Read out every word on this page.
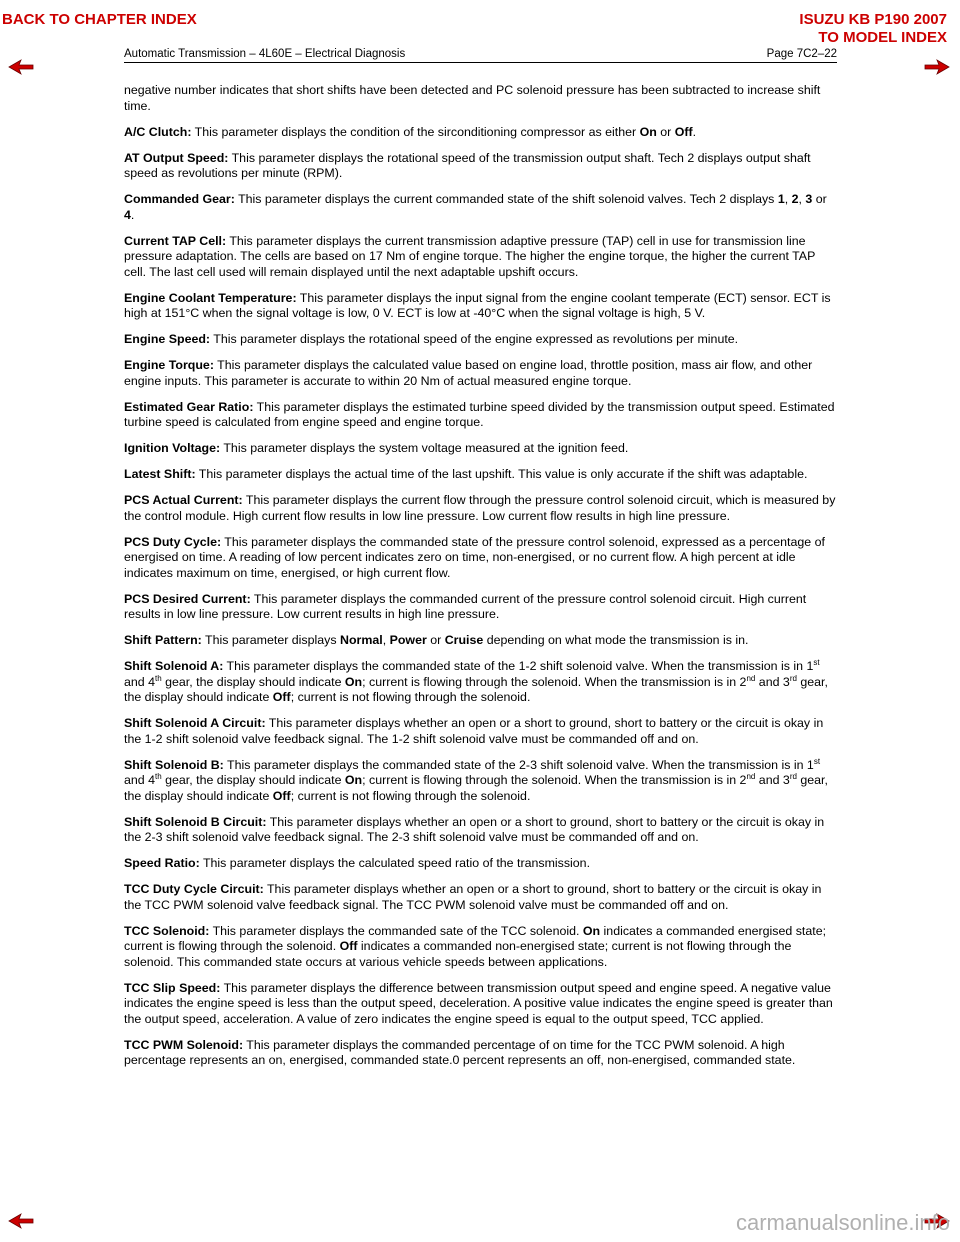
BACK TO CHAPTER INDEX	ISUZU KB P190 2007
TO MODEL INDEX
Automatic Transmission – 4L60E – Electrical Diagnosis	Page 7C2–22

negative number indicates that short shifts have been detected and PC solenoid pressure has been subtracted to increase shift time.

A/C Clutch: This parameter displays the condition of the sirconditioning compressor as either On or Off.

AT Output Speed: This parameter displays the rotational speed of the transmission output shaft. Tech 2 displays output shaft speed as revolutions per minute (RPM).

Commanded Gear: This parameter displays the current commanded state of the shift solenoid valves. Tech 2 displays 1, 2, 3 or 4.

Current TAP Cell: This parameter displays the current transmission adaptive pressure (TAP) cell in use for transmission line pressure adaptation. The cells are based on 17 Nm of engine torque. The higher the engine torque, the higher the current TAP cell. The last cell used will remain displayed until the next adaptable upshift occurs.

Engine Coolant Temperature: This parameter displays the input signal from the engine coolant temperate (ECT) sensor. ECT is high at 151°C when the signal voltage is low, 0 V. ECT is low at -40°C when the signal voltage is high, 5 V.

Engine Speed: This parameter displays the rotational speed of the engine expressed as revolutions per minute.

Engine Torque: This parameter displays the calculated value based on engine load, throttle position, mass air flow, and other engine inputs. This parameter is accurate to within 20 Nm of actual measured engine torque.

Estimated Gear Ratio: This parameter displays the estimated turbine speed divided by the transmission output speed. Estimated turbine speed is calculated from engine speed and engine torque.

Ignition Voltage: This parameter displays the system voltage measured at the ignition feed.

Latest Shift: This parameter displays the actual time of the last upshift. This value is only accurate if the shift was adaptable.

PCS Actual Current: This parameter displays the current flow through the pressure control solenoid circuit, which is measured by the control module. High current flow results in low line pressure. Low current flow results in high line pressure.

PCS Duty Cycle: This parameter displays the commanded state of the pressure control solenoid, expressed as a percentage of energised on time. A reading of low percent indicates zero on time, non-energised, or no current flow. A high percent at idle indicates maximum on time, energised, or high current flow.

PCS Desired Current: This parameter displays the commanded current of the pressure control solenoid circuit. High current results in low line pressure. Low current results in high line pressure.

Shift Pattern: This parameter displays Normal, Power or Cruise depending on what mode the transmission is in.

Shift Solenoid A: This parameter displays the commanded state of the 1-2 shift solenoid valve. When the transmission is in 1st and 4th gear, the display should indicate On; current is flowing through the solenoid. When the transmission is in 2nd and 3rd gear, the display should indicate Off; current is not flowing through the solenoid.

Shift Solenoid A Circuit: This parameter displays whether an open or a short to ground, short to battery or the circuit is okay in the 1-2 shift solenoid valve feedback signal. The 1-2 shift solenoid valve must be commanded off and on.

Shift Solenoid B: This parameter displays the commanded state of the 2-3 shift solenoid valve. When the transmission is in 1st and 4th gear, the display should indicate On; current is flowing through the solenoid. When the transmission is in 2nd and 3rd gear, the display should indicate Off; current is not flowing through the solenoid.

Shift Solenoid B Circuit: This parameter displays whether an open or a short to ground, short to battery or the circuit is okay in the 2-3 shift solenoid valve feedback signal. The 2-3 shift solenoid valve must be commanded off and on.

Speed Ratio: This parameter displays the calculated speed ratio of the transmission.

TCC Duty Cycle Circuit: This parameter displays whether an open or a short to ground, short to battery or the circuit is okay in the TCC PWM solenoid valve feedback signal. The TCC PWM solenoid valve must be commanded off and on.

TCC Solenoid: This parameter displays the commanded sate of the TCC solenoid. On indicates a commanded energised state; current is flowing through the solenoid. Off indicates a commanded non-energised state; current is not flowing through the solenoid. This commanded state occurs at various vehicle speeds between applications.

TCC Slip Speed: This parameter displays the difference between transmission output speed and engine speed. A negative value indicates the engine speed is less than the output speed, deceleration. A positive value indicates the engine speed is greater than the output speed, acceleration. A value of zero indicates the engine speed is equal to the output speed, TCC applied.

TCC PWM Solenoid: This parameter displays the commanded percentage of on time for the TCC PWM solenoid. A high percentage represents an on, energised, commanded state.0 percent represents an off, non-energised, commanded state.

carmanualsonline.info
